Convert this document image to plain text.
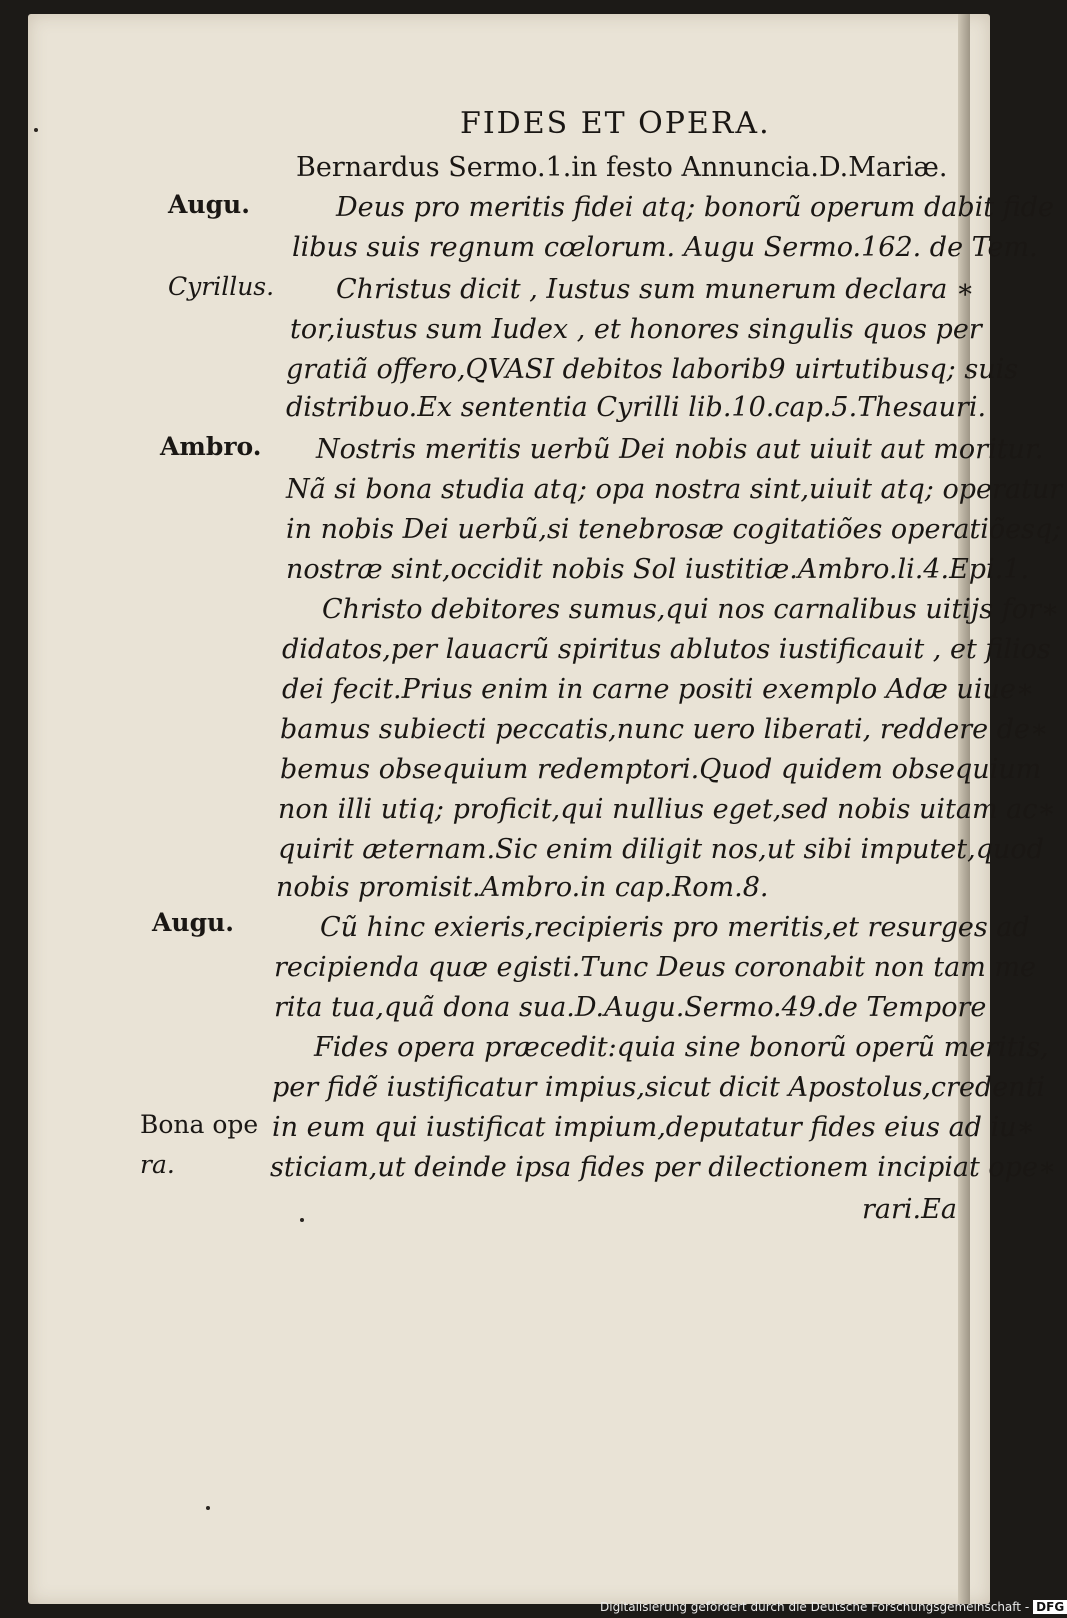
FIDES ET OPERA.
Augu.
Cyrillus.
Ambro.
Augu.
Bona ope
ra.
Bernardus Sermo.1.in festo Annuncia.D.Mariæ.
Deus pro meritis fidei atq; bonorũ operum dabit fide
libus suis regnum cœlorum. Augu Sermo.162. de Tem.
Christus dicit , Iustus sum munerum declara ∗
tor,iustus sum Iudex , et honores singulis quos per
gratiã offero,QVASI debitos laborib9 uirtutibusq; suis
distribuo.Ex sententia Cyrilli lib.10.cap.5.Thesauri.
Nostris meritis uerbũ Dei nobis aut uiuit aut moritur.
Nã si bona studia atq; opa nostra sint,uiuit atq; operatur
in nobis Dei uerbũ,si tenebrosæ cogitatiões operatiõesq;
nostræ sint,occidit nobis Sol iustitiæ.Ambro.li.4.Epi.1.
Christo debitores sumus,qui nos carnalibus uitijs for∗
didatos,per lauacrũ spiritus ablutos iustificauit , et filios
dei fecit.Prius enim in carne positi exemplo Adæ uiue∗
bamus subiecti peccatis,nunc uero liberati, reddere de∗
bemus obsequium redemptori.Quod quidem obsequium
non illi utiq; proficit,qui nullius eget,sed nobis uitam ac∗
quirit æternam.Sic enim diligit nos,ut sibi imputet,quod
nobis promisit.Ambro.in cap.Rom.8.
Cũ hinc exieris,recipieris pro meritis,et resurges ad
recipienda quæ egisti.Tunc Deus coronabit non tam me
rita tua,quã dona sua.D.Augu.Sermo.49.de Tempore
Fides opera præcedit:quia sine bonorũ operũ meritis,
per fidẽ iustificatur impius,sicut dicit Apostolus,credenti
in eum qui iustificat impium,deputatur fides eius ad iu∗
sticiam,ut deinde ipsa fides per dilectionem incipiat ope∗
rari.Ea
Digitalisierung gefördert durch die Deutsche Forschungsgemeinschaft - DFG
